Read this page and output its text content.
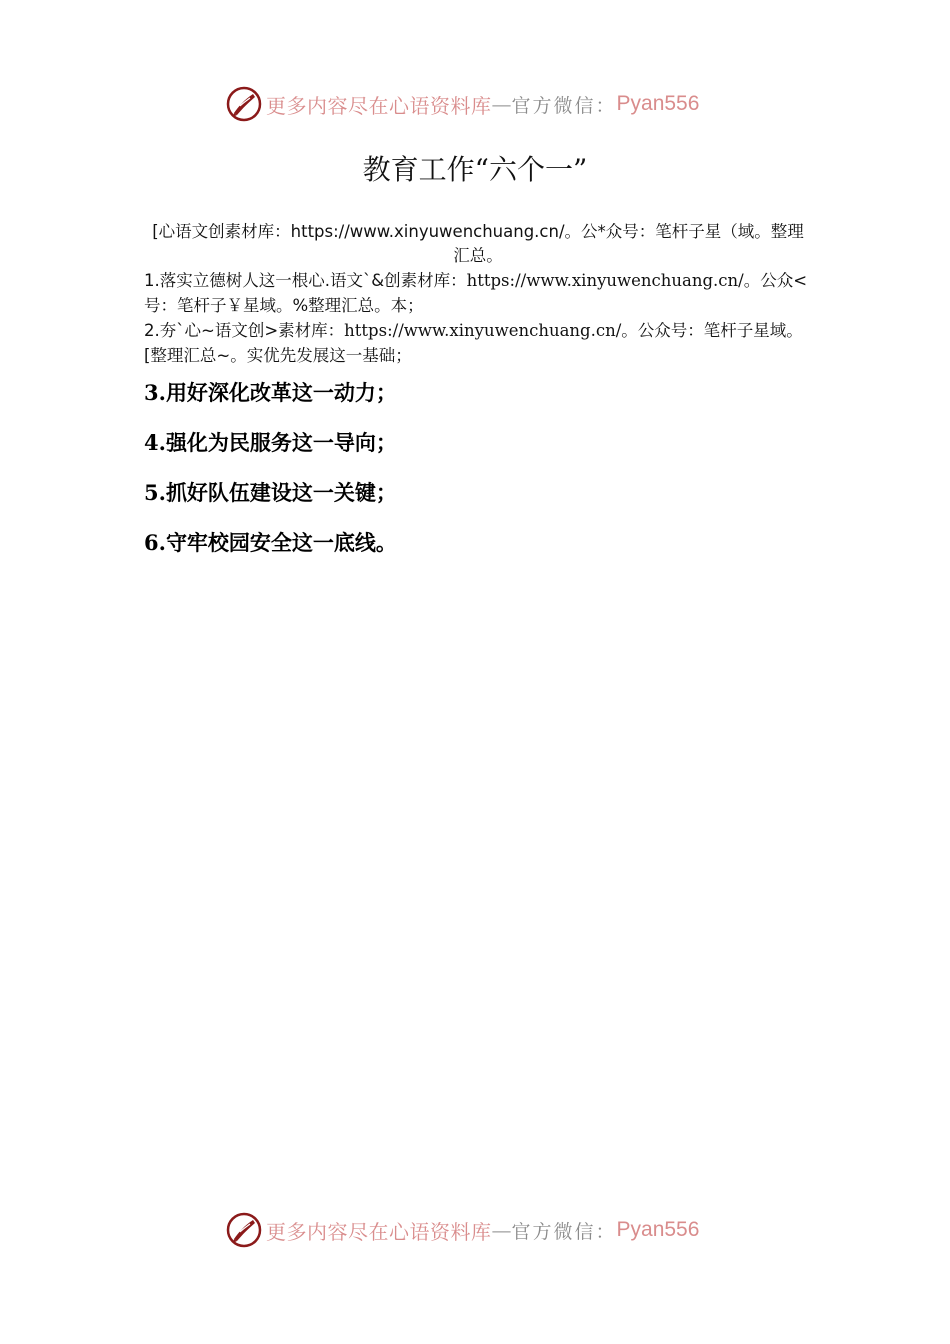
更多内容尽在心语资料库 — 官方微信： Pyan556
教育工作“六个一”
[心语文创素材库：https://www.xinyuwenchuang.cn/。公*众号：笔杆子星（域。整理汇总。
1.落实立德树人这一根心.语文`&创素材库：https://www.xinyuwenchuang.cn/。公众<号：笔杆子￥星域。%整理汇总。本；
2.夯`心~语文创>素材库：https://www.xinyuwenchuang.cn/。公众号：笔杆子星域。[整理汇总~。实优先发展这一基础；
3.用好深化改革这一动力；
4.强化为民服务这一导向；
5.抓好队伍建设这一关键；
6.守牢校园安全这一底线。
更多内容尽在心语资料库 — 官方微信： Pyan556
